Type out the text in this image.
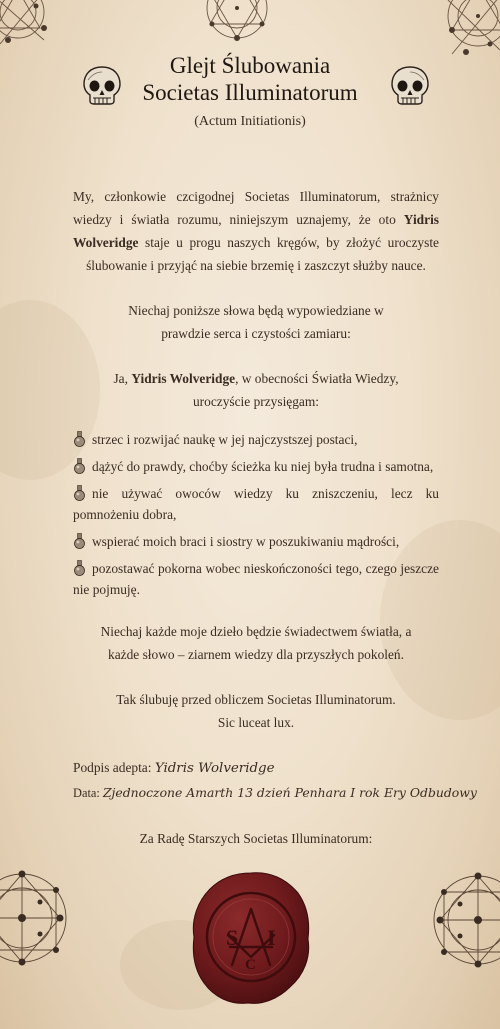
Glejt Ślubowania
Societas Illuminatorum
(Actum Initiationis)

My, członkowie czcigodnej Societas Illuminatorum, strażnicy wiedzy i światła rozumu, niniejszym uznajemy, że oto Yidris Wolveridge staje u progu naszych kręgów, by złożyć uroczyste ślubowanie i przyjąć na siebie brzemię i zaszczyt służby nauce.

Niechaj poniższe słowa będą wypowiedziane w prawdzie serca i czystości zamiaru:

Ja, Yidris Wolveridge, w obecności Światła Wiedzy, uroczyście przysięgam:

strzec i rozwijać naukę w jej najczystszej postaci,
dążyć do prawdy, choćby ścieżka ku niej była trudna i samotna,
nie używać owoców wiedzy ku zniszczeniu, lecz ku pomnożeniu dobra,
wspierać moich braci i siostry w poszukiwaniu mądrości,
pozostawać pokorna wobec nieskończoności tego, czego jeszcze nie pojmuję.

Niechaj każde moje dzieło będzie świadectwem światła, a każde słowo – ziarnem wiedzy dla przyszłych pokoleń.

Tak ślubuję przed obliczem Societas Illuminatorum.
Sic luceat lux.

Podpis adepta: Yidris Wolveridge

Data: Zjednoczone Amarth 13 dzień Penhara I rok Ery Odbudowy

Za Radę Starszych Societas Illuminatorum:
S I
C
